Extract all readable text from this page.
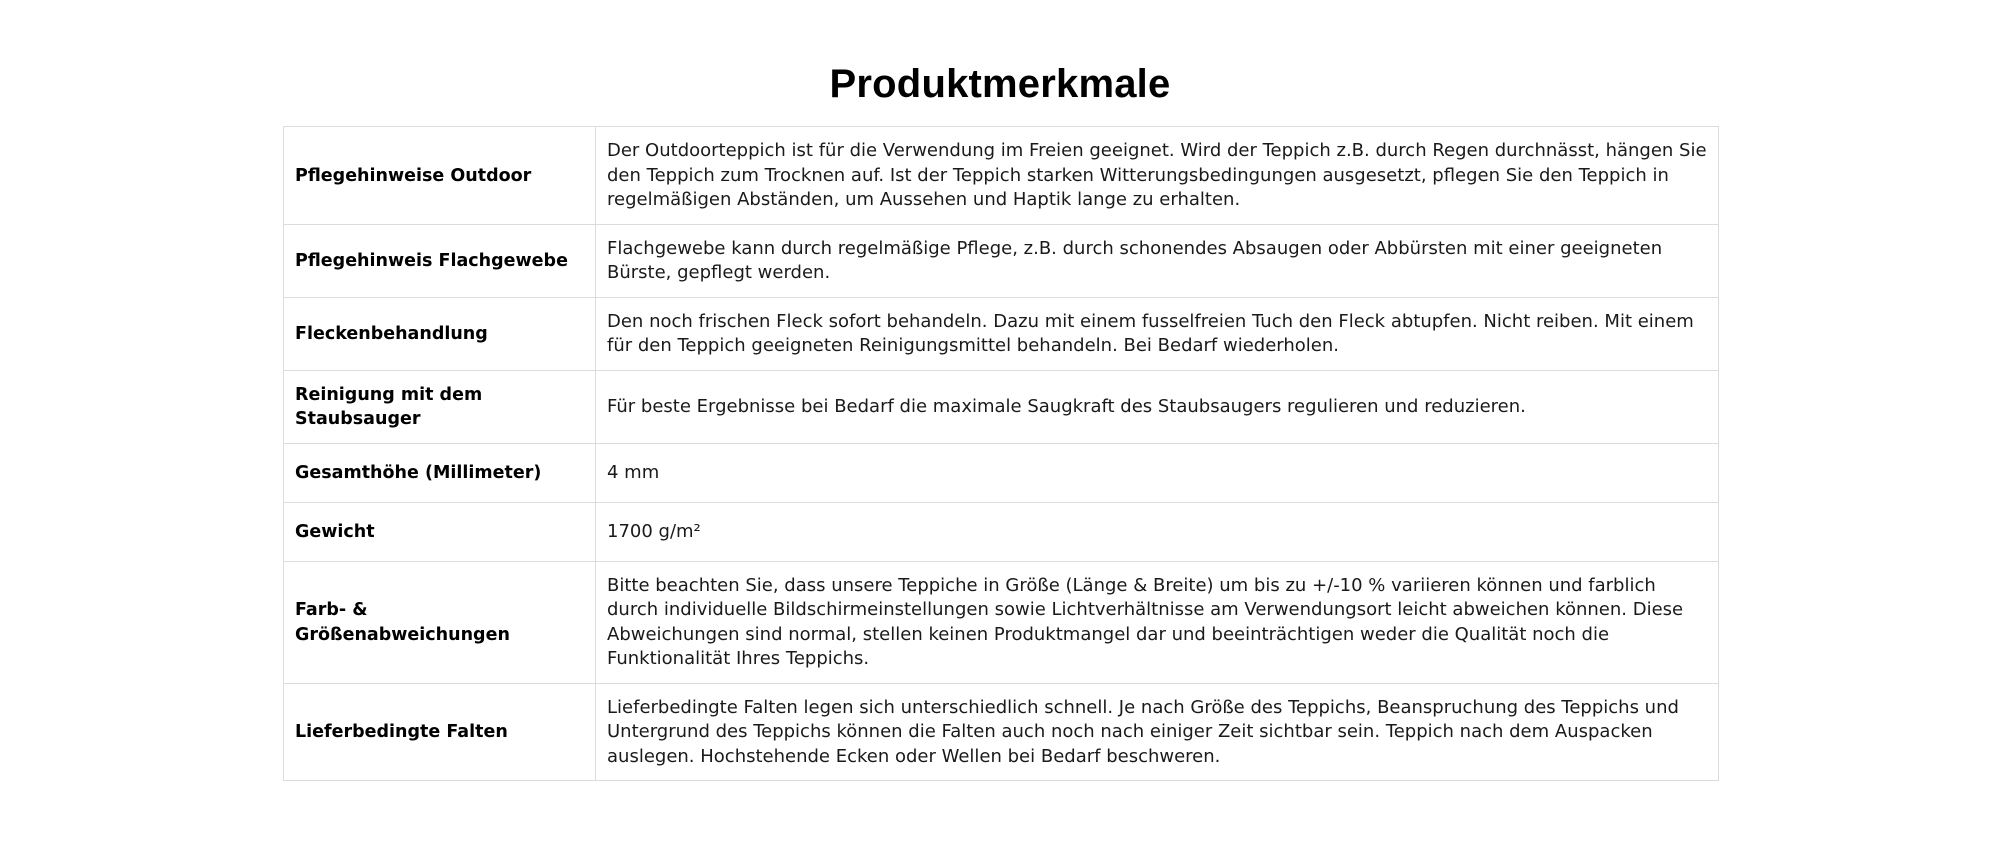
Produktmerkmale
Pflegehinweise Outdoor	Der Outdoorteppich ist für die Verwendung im Freien geeignet. Wird der Teppich z.B. durch Regen durchnässt, hängen Sie den Teppich zum Trocknen auf. Ist der Teppich starken Witterungsbedingungen ausgesetzt, pflegen Sie den Teppich in regelmäßigen Abständen, um Aussehen und Haptik lange zu erhalten.
Pflegehinweis Flachgewebe	Flachgewebe kann durch regelmäßige Pflege, z.B. durch schonendes Absaugen oder Abbürsten mit einer geeigneten Bürste, gepflegt werden.
Fleckenbehandlung	Den noch frischen Fleck sofort behandeln. Dazu mit einem fusselfreien Tuch den Fleck abtupfen. Nicht reiben. Mit einem für den Teppich geeigneten Reinigungsmittel behandeln. Bei Bedarf wiederholen.
Reinigung mit dem Staubsauger	Für beste Ergebnisse bei Bedarf die maximale Saugkraft des Staubsaugers regulieren und reduzieren.
Gesamthöhe (Millimeter)	4 mm
Gewicht	1700 g/m²
Farb- & Größenabweichungen	Bitte beachten Sie, dass unsere Teppiche in Größe (Länge & Breite) um bis zu +/-10 % variieren können und farblich durch individuelle Bildschirmeinstellungen sowie Lichtverhältnisse am Verwendungsort leicht abweichen können. Diese Abweichungen sind normal, stellen keinen Produktmangel dar und beeinträchtigen weder die Qualität noch die Funktionalität Ihres Teppichs.
Lieferbedingte Falten	Lieferbedingte Falten legen sich unterschiedlich schnell. Je nach Größe des Teppichs, Beanspruchung des Teppichs und Untergrund des Teppichs können die Falten auch noch nach einiger Zeit sichtbar sein. Teppich nach dem Auspacken auslegen. Hochstehende Ecken oder Wellen bei Bedarf beschweren.
